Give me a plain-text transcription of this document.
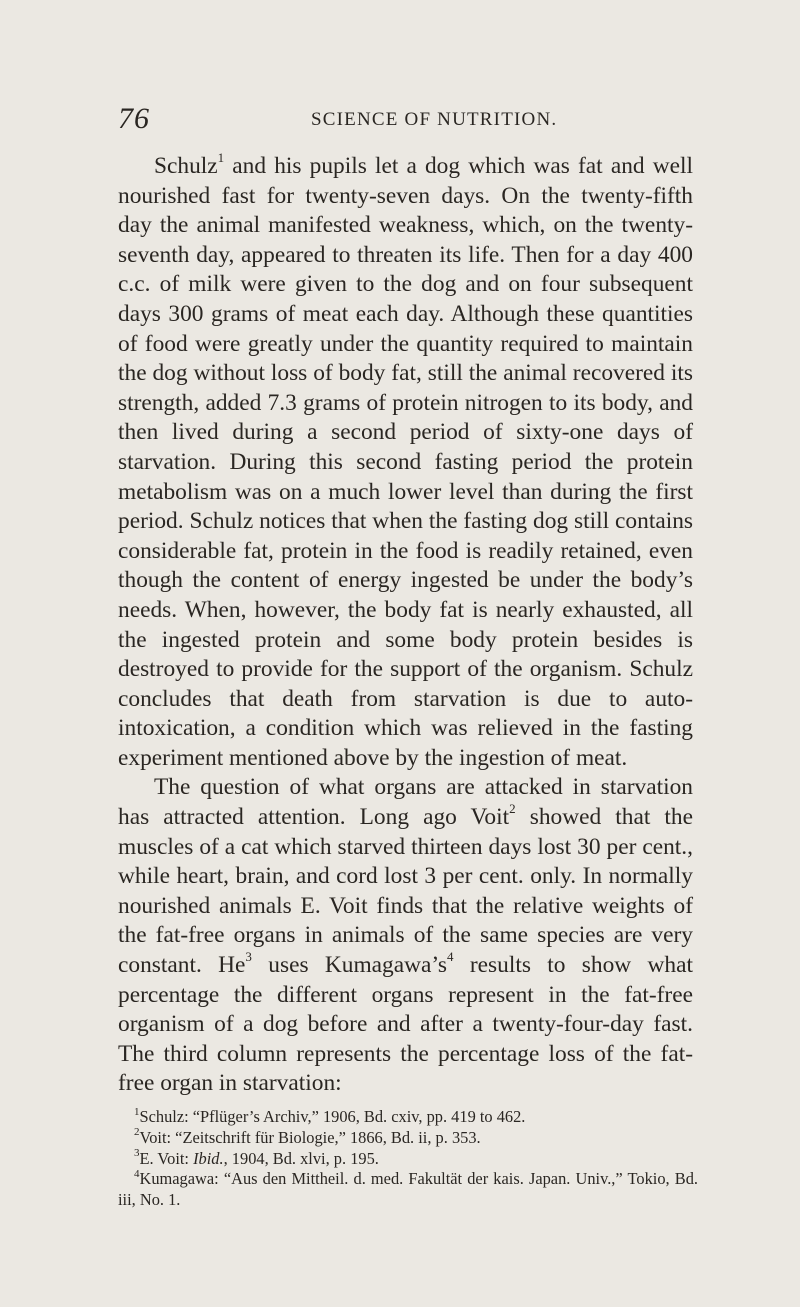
76	SCIENCE OF NUTRITION.

Schulz$^1$ and his pupils let a dog which was fat and well nourished fast for twenty-seven days. On the twenty-fifth day the animal manifested weakness, which, on the twenty-seventh day, appeared to threaten its life. Then for a day 400 c.c. of milk were given to the dog and on four subsequent days 300 grams of meat each day. Although these quantities of food were greatly under the quantity required to maintain the dog without loss of body fat, still the animal recovered its strength, added 7.3 grams of protein nitrogen to its body, and then lived during a second period of sixty-one days of starvation. During this second fasting period the protein metabolism was on a much lower level than during the first period. Schulz notices that when the fasting dog still contains considerable fat, protein in the food is readily retained, even though the content of energy ingested be under the body’s needs. When, however, the body fat is nearly exhausted, all the ingested protein and some body protein besides is destroyed to provide for the support of the organism. Schulz concludes that death from starvation is due to auto-intoxication, a condition which was relieved in the fasting experiment mentioned above by the ingestion of meat.

The question of what organs are attacked in starvation has attracted attention. Long ago Voit$^2$ showed that the muscles of a cat which starved thirteen days lost 30 per cent., while heart, brain, and cord lost 3 per cent. only. In normally nourished animals E. Voit finds that the relative weights of the fat-free organs in animals of the same species are very constant. He$^3$ uses $Kumagawa’s^4$ results to show what percentage the different organs represent in the fat-free organism of a dog before and after a twenty-four-day fast. The third column represents the percentage loss of the fat-free organ in starvation:

$^1$Schulz: “Pflüger’s Archiv,” 1906, Bd. cxiv, pp. 419 to 462.

$^2$Voit: “Zeitschrift für Biologie,” 1866, Bd. ii, p. 353.

$^3$E. Voit: Ibid., 1904, Bd. xlvi, p. 195.

$^4$Kumagawa: “Aus den Mittheil. d. med. Fakultät der kais. Japan. Univ.,” Tokio, Bd. iii, No. 1.
